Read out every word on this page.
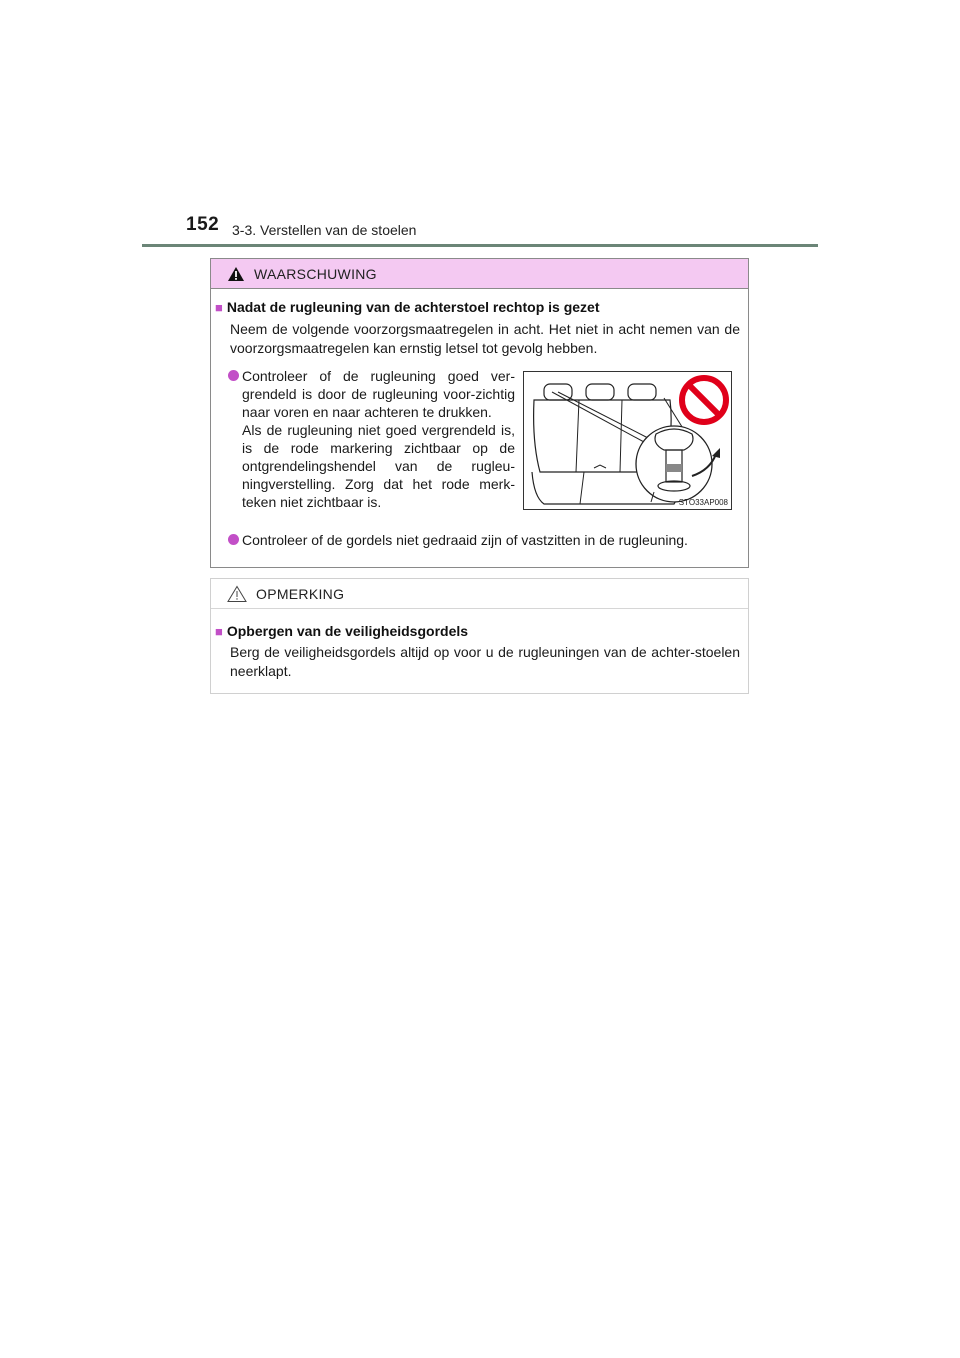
152 3-3. Verstellen van de stoelen
WAARSCHUWING
■ Nadat de rugleuning van de achterstoel rechtop is gezet
Neem de volgende voorzorgsmaatregelen in acht. Het niet in acht nemen van de voorzorgsmaatregelen kan ernstig letsel tot gevolg hebben.
Controleer of de rugleuning goed ver-grendeld is door de rugleuning voor-zichtig naar voren en naar achteren te drukken.
Als de rugleuning niet goed vergrendeld is, is de rode markering zichtbaar op de ontgrendelingshendel van de rugleu-ningverstelling. Zorg dat het rode merk-teken niet zichtbaar is.	STO33AP008
Controleer of de gordels niet gedraaid zijn of vastzitten in de rugleuning.
OPMERKING
■ Opbergen van de veiligheidsgordels
Berg de veiligheidsgordels altijd op voor u de rugleuningen van de achter-stoelen neerklapt.
